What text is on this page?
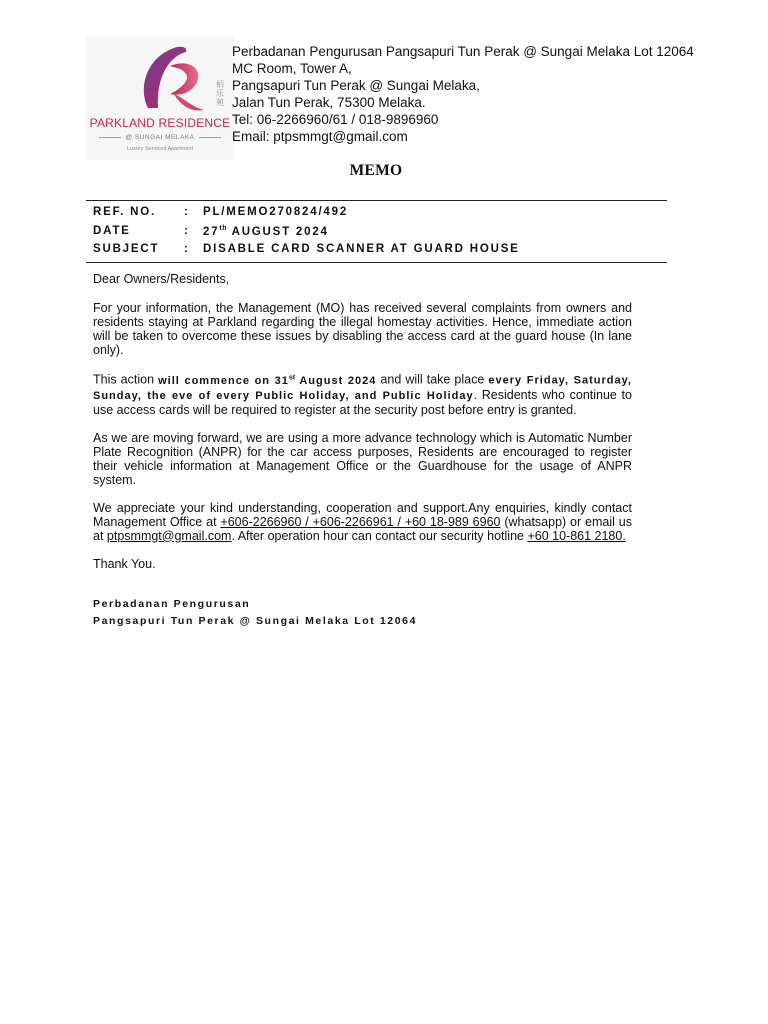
栢乐苑
PARKLAND RESIDENCE
@ SUNGAI MELAKA
Luxury Serviced Apartment
Perbadanan Pengurusan Pangsapuri Tun Perak @ Sungai Melaka Lot 12064
MC Room, Tower A,
Pangsapuri Tun Perak @ Sungai Melaka,
Jalan Tun Perak, 75300 Melaka.
Tel: 06-2266960/61 / 018-9896960
Email: ptpsmmgt@gmail.com
MEMO
REF. NO. : PL/MEMO270824/492
DATE	: 27th AUGUST 2024
SUBJECT : DISABLE CARD SCANNER AT GUARD HOUSE

Dear Owners/Residents,

For your information, the Management (MO) has received several complaints from owners and residents staying at Parkland regarding the illegal homestay activities. Hence, immediate action will be taken to overcome these issues by disabling the access card at the guard house (In lane only).

This action will commence on 31st August 2024 and will take place every Friday, Saturday, Sunday, the eve of every Public Holiday, and Public Holiday. Residents who continue to use access cards will be required to register at the security post before entry is granted.

As we are moving forward, we are using a more advance technology which is Automatic Number Plate Recognition (ANPR) for the car access purposes, Residents are encouraged to register their vehicle information at Management Office or the Guardhouse for the usage of ANPR system.

We appreciate your kind understanding, cooperation and support.Any enquiries, kindly contact Management Office at +606-2266960 / +606-2266961 / +60 18-989 6960 (whatsapp) or email us at ptpsmmgt@gmail.com. After operation hour can contact our security hotline +60 10-861 2180.

Thank You.

Perbadanan Pengurusan
Pangsapuri Tun Perak @ Sungai Melaka Lot 12064
